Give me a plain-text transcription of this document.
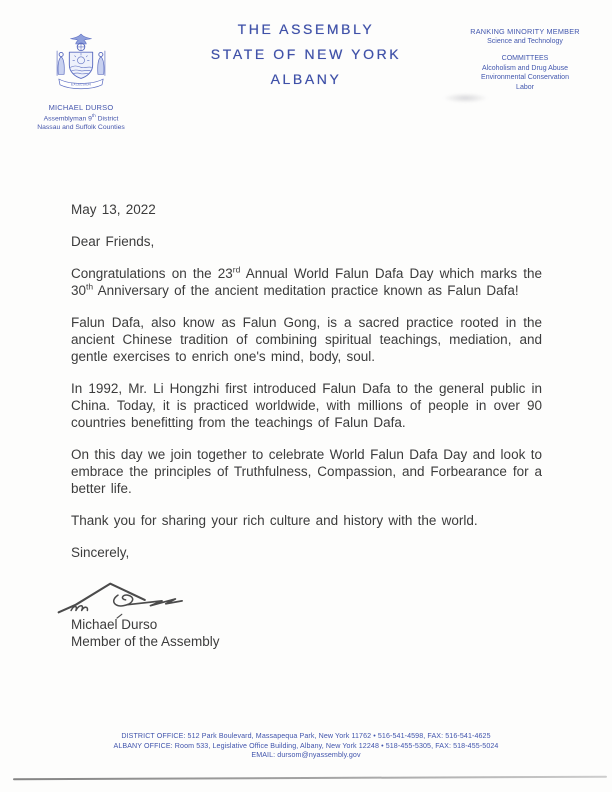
EXCELSIOR
MICHAEL DURSO
Assemblyman 9th District
Nassau and Suffolk Counties
THE ASSEMBLY
STATE OF NEW YORK
ALBANY
RANKING MINORITY MEMBER
Science and Technology
COMMITTEES
Alcoholism and Drug Abuse
Environmental Conservation
Labor

May 13, 2022

Dear Friends,

Congratulations on the 23rd Annual World Falun Dafa Day which marks the 30th Anniversary of the ancient meditation practice known as Falun Dafa!

Falun Dafa, also know as Falun Gong, is a sacred practice rooted in the ancient Chinese tradition of combining spiritual teachings, mediation, and gentle exercises to enrich one's mind, body, soul.

In 1992, Mr. Li Hongzhi first introduced Falun Dafa to the general public in China. Today, it is practiced worldwide, with millions of people in over 90 countries benefitting from the teachings of Falun Dafa.

On this day we join together to celebrate World Falun Dafa Day and look to embrace the principles of Truthfulness, Compassion, and Forbearance for a better life.

Thank you for sharing your rich culture and history with the world.

Sincerely,

Michael Durso
Member of the Assembly
DISTRICT OFFICE: 512 Park Boulevard, Massapequa Park, New York 11762 • 516-541-4598, FAX: 516-541-4625
ALBANY OFFICE: Room 533, Legislative Office Building, Albany, New York 12248 • 518-455-5305, FAX: 518-455-5024
EMAIL: dursom@nyassembly.gov
